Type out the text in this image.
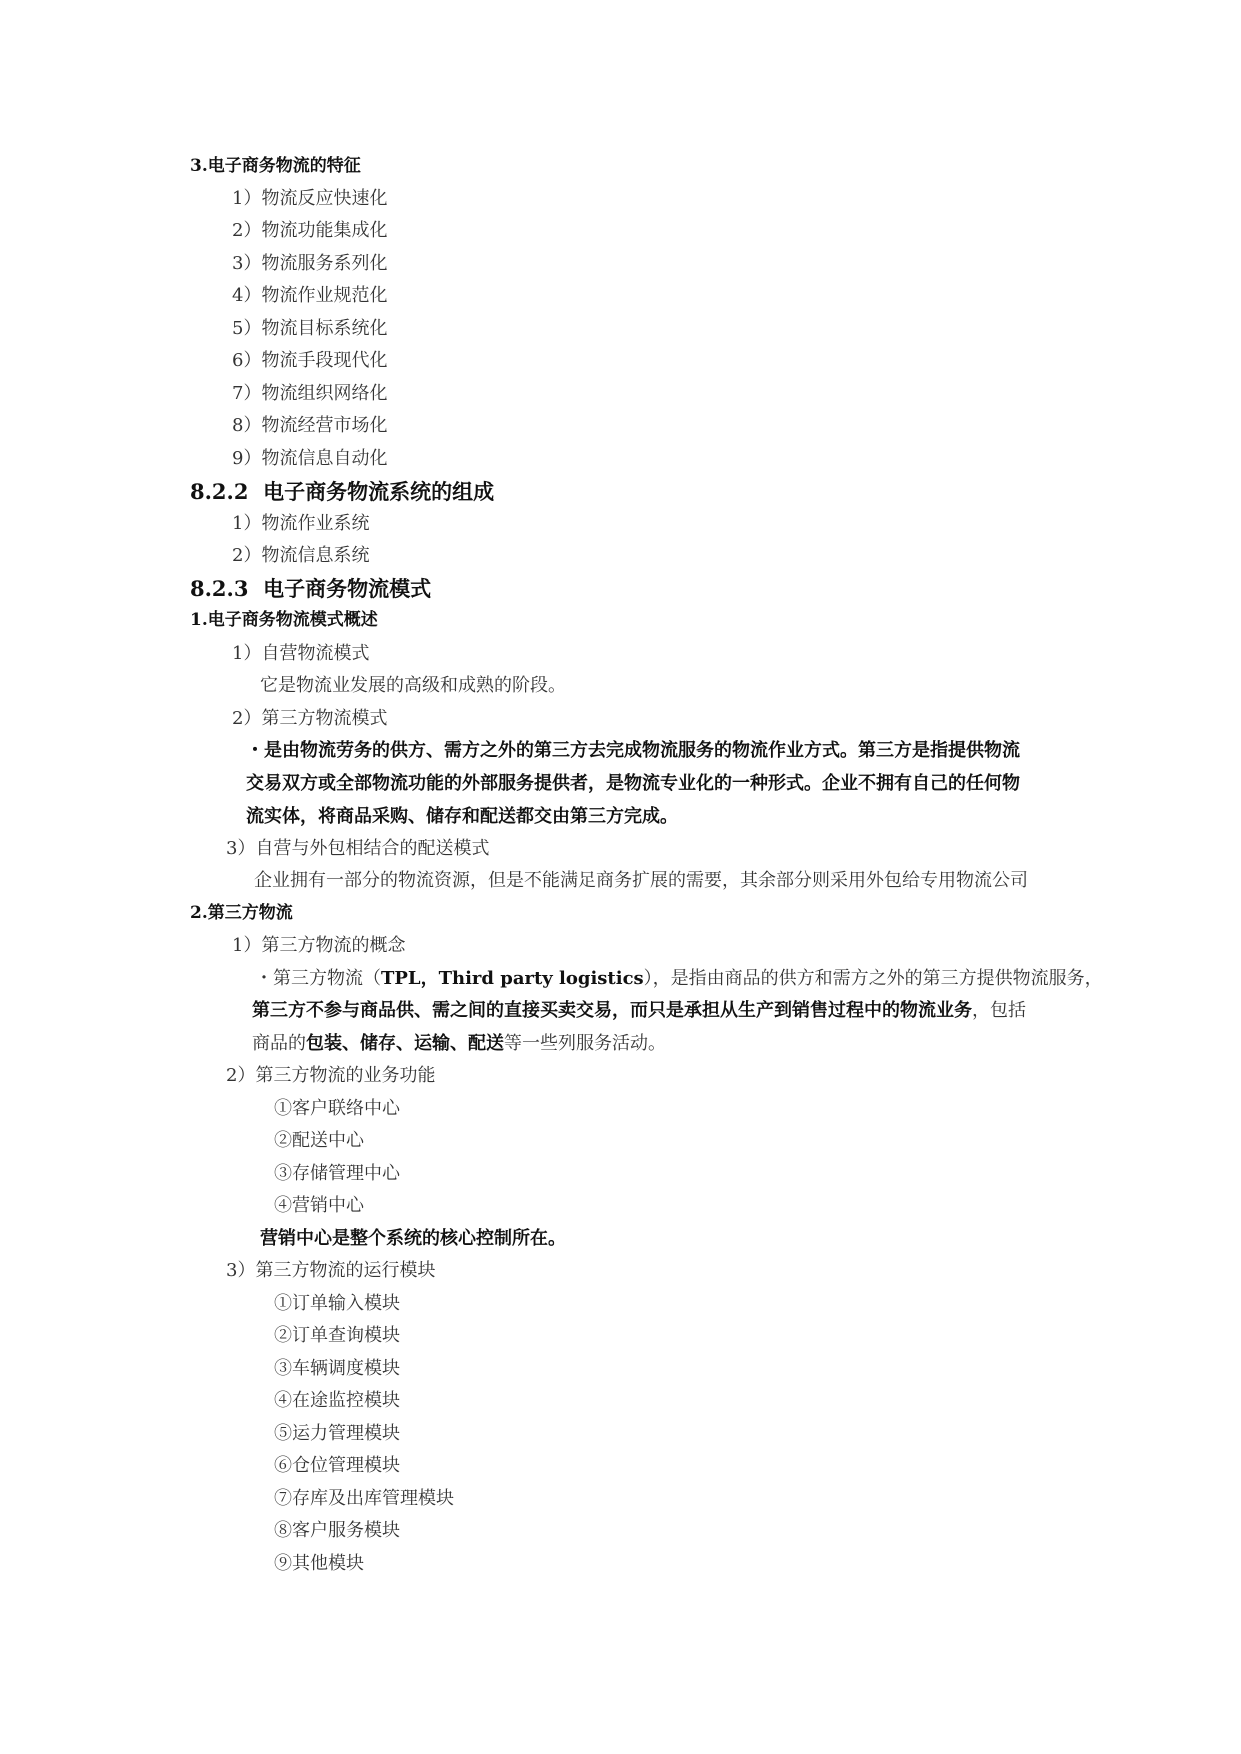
3.电子商务物流的特征
1）物流反应快速化
2）物流功能集成化
3）物流服务系列化
4）物流作业规范化
5）物流目标系统化
6）物流手段现代化
7）物流组织网络化
8）物流经营市场化
9）物流信息自动化
8.2.2  电子商务物流系统的组成
1）物流作业系统
2）物流信息系统
8.2.3  电子商务物流模式
1.电子商务物流模式概述
1）自营物流模式
它是物流业发展的高级和成熟的阶段。
2）第三方物流模式
・是由物流劳务的供方、需方之外的第三方去完成物流服务的物流作业方式。第三方是指提供物流
交易双方或全部物流功能的外部服务提供者，是物流专业化的一种形式。企业不拥有自己的任何物
流实体，将商品采购、储存和配送都交由第三方完成。
3）自营与外包相结合的配送模式
企业拥有一部分的物流资源，但是不能满足商务扩展的需要，其余部分则采用外包给专用物流公司
2.第三方物流
1）第三方物流的概念
・第三方物流（TPL，Third party logistics），是指由商品的供方和需方之外的第三方提供物流服务，
第三方不参与商品供、需之间的直接买卖交易，而只是承担从生产到销售过程中的物流业务，包括
商品的包装、储存、运输、配送等一些列服务活动。
2）第三方物流的业务功能
①客户联络中心
②配送中心
③存储管理中心
④营销中心
营销中心是整个系统的核心控制所在。
3）第三方物流的运行模块
①订单输入模块
②订单查询模块
③车辆调度模块
④在途监控模块
⑤运力管理模块
⑥仓位管理模块
⑦存库及出库管理模块
⑧客户服务模块
⑨其他模块
